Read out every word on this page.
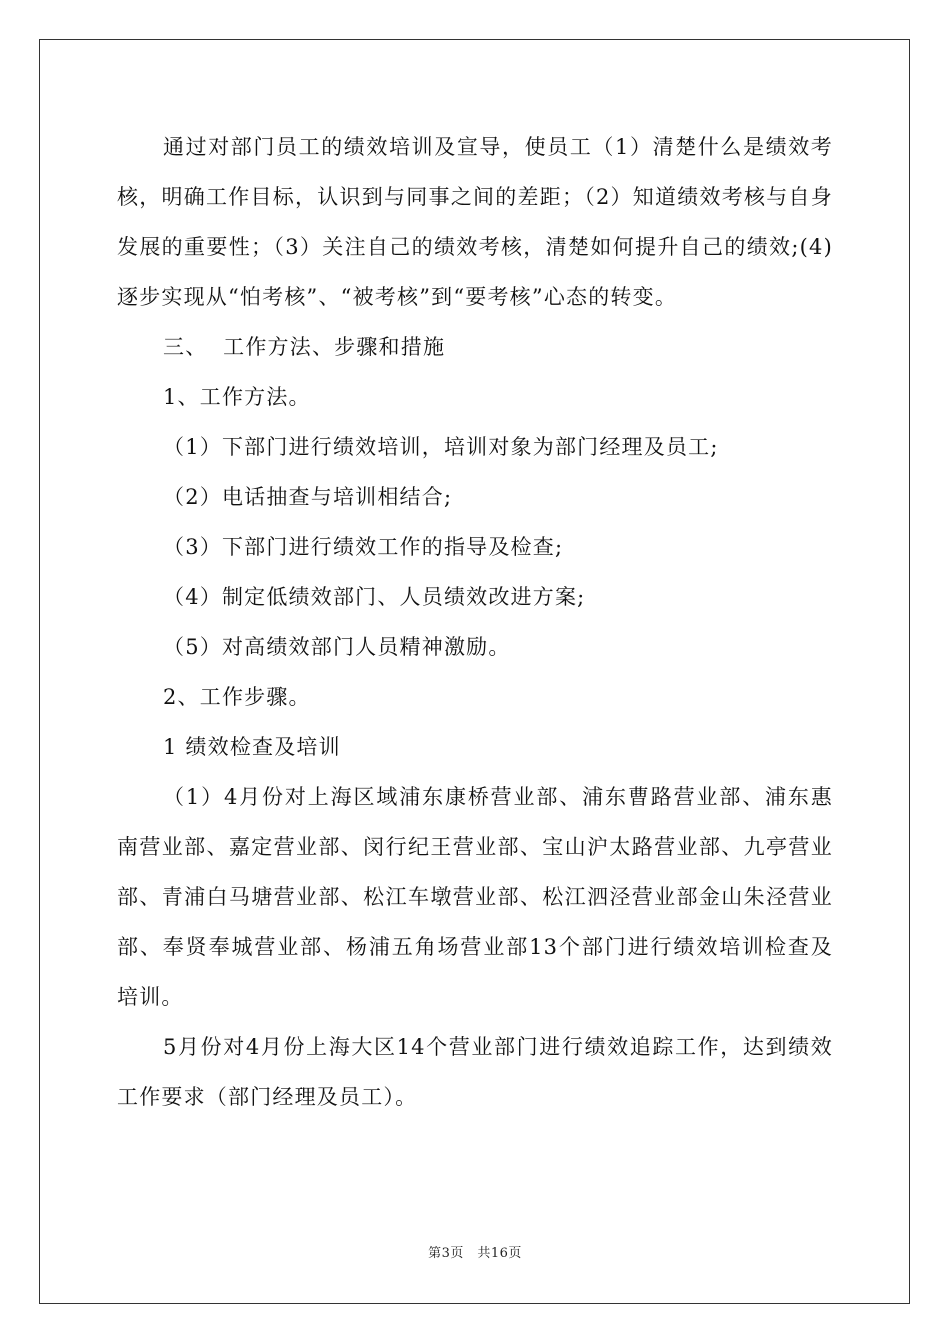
通过对部门员工的绩效培训及宣导，使员工（1）清楚什么是绩效考核，明确工作目标，认识到与同事之间的差距；（2）知道绩效考核与自身发展的重要性；（3）关注自己的绩效考核，清楚如何提升自己的绩效;(4) 逐步实现从“怕考核”、“被考核”到“要考核”心态的转变。

三、  工作方法、步骤和措施

1、工作方法。

（1）下部门进行绩效培训，培训对象为部门经理及员工;

（2）电话抽查与培训相结合;

（3）下部门进行绩效工作的指导及检查;

（4）制定低绩效部门、人员绩效改进方案;

（5）对高绩效部门人员精神激励。

2、工作步骤。

1 绩效检查及培训

（1）4月份对上海区域浦东康桥营业部、浦东曹路营业部、浦东惠南营业部、嘉定营业部、闵行纪王营业部、宝山沪太路营业部、九亭营业部、青浦白马塘营业部、松江车墩营业部、松江泗泾营业部金山朱泾营业部、奉贤奉城营业部、杨浦五角场营业部13个部门进行绩效培训检查及培训。

5月份对4月份上海大区14个营业部门进行绩效追踪工作，达到绩效工作要求（部门经理及员工）。

第3页　共16页
